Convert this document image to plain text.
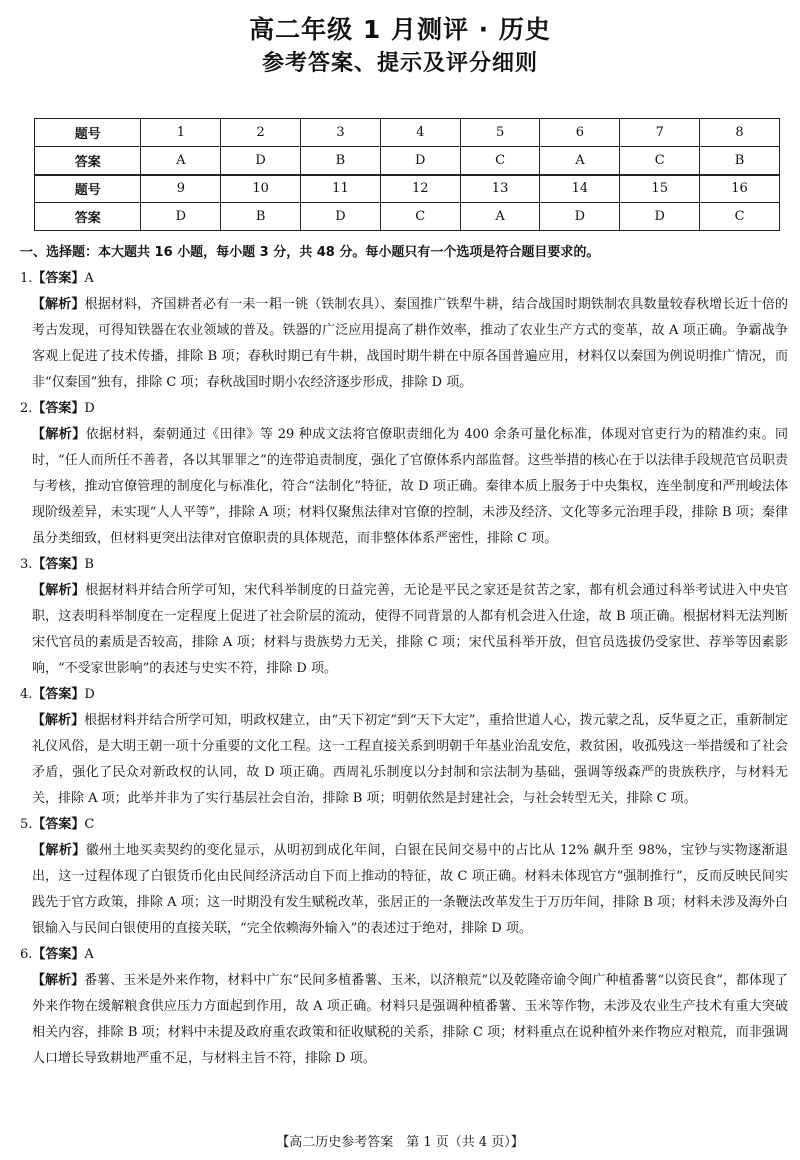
高二年级 1 月测评 · 历史
参考答案、提示及评分细则
题号	1	2	3	4	5	6	7	8
答案	A	D	B	D	C	A	C	B
题号	9	10	11	12	13	14	15	16
答案	D	B	D	C	A	D	D	C
一、选择题：本大题共 16 小题，每小题 3 分，共 48 分。每小题只有一个选项是符合题目要求的。
1.【答案】A
【解析】根据材料，齐国耕者必有一耒一耜一铫（铁制农具）、秦国推广铁犁牛耕，结合战国时期铁制农具数量较春秋增长近十倍的考古发现，可得知铁器在农业领域的普及。铁器的广泛应用提高了耕作效率，推动了农业生产方式的变革，故 A 项正确。争霸战争客观上促进了技术传播，排除 B 项；春秋时期已有牛耕，战国时期牛耕在中原各国普遍应用，材料仅以秦国为例说明推广情况，而非“仅秦国”独有，排除 C 项；春秋战国时期小农经济逐步形成，排除 D 项。
2.【答案】D
【解析】依据材料，秦朝通过《田律》等 29 种成文法将官僚职责细化为 400 余条可量化标准，体现对官吏行为的精准约束。同时，“任人而所任不善者，各以其罪罪之”的连带追责制度，强化了官僚体系内部监督。这些举措的核心在于以法律手段规范官员职责与考核，推动官僚管理的制度化与标准化，符合“法制化”特征，故 D 项正确。秦律本质上服务于中央集权，连坐制度和严刑峻法体现阶级差异，未实现“人人平等”，排除 A 项；材料仅聚焦法律对官僚的控制，未涉及经济、文化等多元治理手段，排除 B 项；秦律虽分类细致，但材料更突出法律对官僚职责的具体规范，而非整体体系严密性，排除 C 项。
3.【答案】B
【解析】根据材料并结合所学可知，宋代科举制度的日益完善，无论是平民之家还是贫苦之家，都有机会通过科举考试进入中央官职，这表明科举制度在一定程度上促进了社会阶层的流动，使得不同背景的人都有机会进入仕途，故 B 项正确。根据材料无法判断宋代官员的素质是否较高，排除 A 项；材料与贵族势力无关，排除 C 项；宋代虽科举开放，但官员选拔仍受家世、荐举等因素影响，“不受家世影响”的表述与史实不符，排除 D 项。
4.【答案】D
【解析】根据材料并结合所学可知，明政权建立，由“天下初定”到“天下大定”，重拾世道人心，拨元蒙之乱，反华夏之正，重新制定礼仪风俗，是大明王朝一项十分重要的文化工程。这一工程直接关系到明朝千年基业治乱安危，救贫困，收孤残这一举措缓和了社会矛盾，强化了民众对新政权的认同，故 D 项正确。西周礼乐制度以分封制和宗法制为基础，强调等级森严的贵族秩序，与材料无关，排除 A 项；此举并非为了实行基层社会自治，排除 B 项；明朝依然是封建社会，与社会转型无关，排除 C 项。
5.【答案】C
【解析】徽州土地买卖契约的变化显示，从明初到成化年间，白银在民间交易中的占比从 12% 飙升至 98%，宝钞与实物逐渐退出，这一过程体现了白银货币化由民间经济活动自下而上推动的特征，故 C 项正确。材料未体现官方“强制推行”，反而反映民间实践先于官方政策，排除 A 项；这一时期没有发生赋税改革，张居正的一条鞭法改革发生于万历年间，排除 B 项；材料未涉及海外白银输入与民间白银使用的直接关联，“完全依赖海外输入”的表述过于绝对，排除 D 项。
6.【答案】A
【解析】番薯、玉米是外来作物，材料中广东“民间多植番薯、玉米，以济粮荒”以及乾隆帝谕令闽广种植番薯“以资民食”，都体现了外来作物在缓解粮食供应压力方面起到作用，故 A 项正确。材料只是强调种植番薯、玉米等作物，未涉及农业生产技术有重大突破相关内容，排除 B 项；材料中未提及政府重农政策和征收赋税的关系，排除 C 项；材料重点在说种植外来作物应对粮荒，而非强调人口增长导致耕地严重不足，与材料主旨不符，排除 D 项。
【高二历史参考答案　第 1 页（共 4 页）】
